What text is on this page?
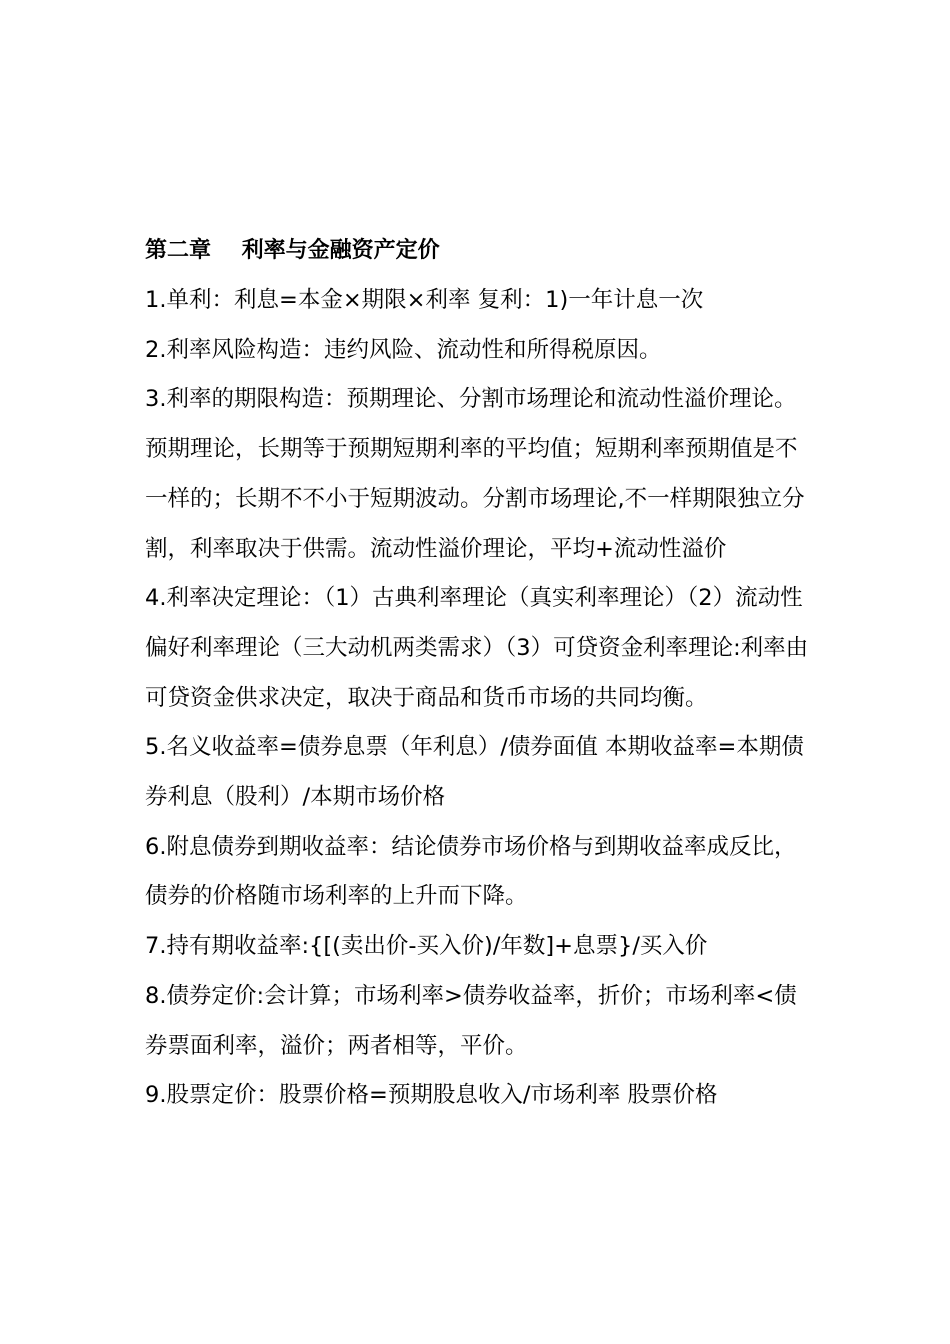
第二章    利率与金融资产定价

1.单利：利息=本金×期限×利率 复利：1)一年计息一次

2.利率风险构造：违约风险、流动性和所得税原因。

3.利率的期限构造：预期理论、分割市场理论和流动性溢价理论。预期理论，长期等于预期短期利率的平均值；短期利率预期值是不一样的；长期不不小于短期波动。分割市场理论,不一样期限独立分割，利率取决于供需。流动性溢价理论，平均+流动性溢价

4.利率决定理论：（1）古典利率理论（真实利率理论）（2）流动性偏好利率理论（三大动机两类需求）（3）可贷资金利率理论:利率由可贷资金供求决定，取决于商品和货币市场的共同均衡。

5.名义收益率=债券息票（年利息）/债券面值 本期收益率=本期债券利息（股利）/本期市场价格

6.附息债券到期收益率：结论债券市场价格与到期收益率成反比，债券的价格随市场利率的上升而下降。

7.持有期收益率:{[(卖出价-买入价)/年数]+息票}/买入价

8.债券定价:会计算；市场利率>债券收益率，折价；市场利率<债券票面利率，溢价；两者相等，平价。

9.股票定价：股票价格=预期股息收入/市场利率 股票价格
